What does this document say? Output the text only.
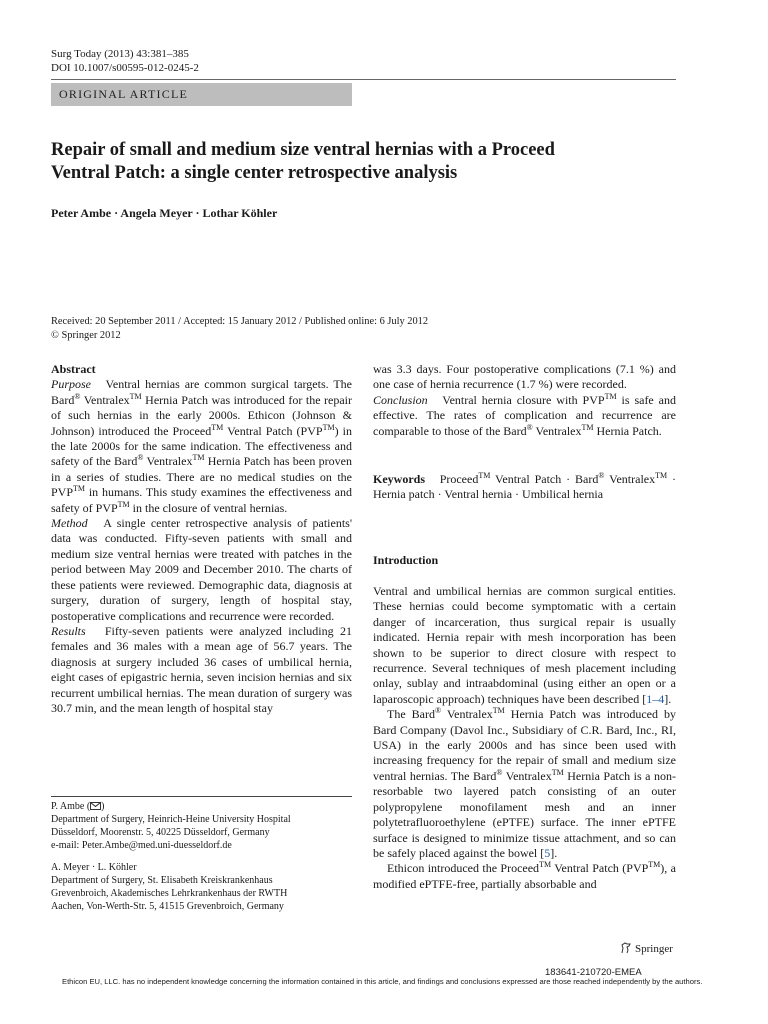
Surg Today (2013) 43:381–385
DOI 10.1007/s00595-012-0245-2
ORIGINAL ARTICLE
Repair of small and medium size ventral hernias with a Proceed
Ventral Patch: a single center retrospective analysis
Peter Ambe · Angela Meyer · Lothar Köhler
Received: 20 September 2011 / Accepted: 15 January 2012 / Published online: 6 July 2012
© Springer 2012

Abstract

Purpose Ventral hernias are common surgical targets. The Bard® Ventralex™ Hernia Patch was introduced for the repair of such hernias in the early 2000s. Ethicon (Johnson & Johnson) introduced the Proceed™ Ventral Patch (PVP™) in the late 2000s for the same indication. The effectiveness and safety of the Bard® Ventralex™ Hernia Patch has been proven in a series of studies. There are no medical studies on the PVP™ in humans. This study examines the effectiveness and safety of PVP™ in the closure of ventral hernias.

Method A single center retrospective analysis of patients' data was conducted. Fifty-seven patients with small and medium size ventral hernias were treated with patches in the period between May 2009 and December 2010. The charts of these patients were reviewed. Demographic data, diagnosis at surgery, duration of surgery, length of hospital stay, postoperative complications and recurrence were recorded.

Results Fifty-seven patients were analyzed including 21 females and 36 males with a mean age of 56.7 years. The diagnosis at surgery included 36 cases of umbilical hernia, eight cases of epigastric hernia, seven incision hernias and six recurrent umbilical hernias. The mean duration of surgery was 30.7 min, and the mean length of hospital stay

was 3.3 days. Four postoperative complications (7.1 %) and one case of hernia recurrence (1.7 %) were recorded.

Conclusion Ventral hernia closure with PVP™ is safe and effective. The rates of complication and recurrence are comparable to those of the Bard® Ventralex™ Hernia Patch.

Keywords Proceed™ Ventral Patch · Bard® Ventralex™ · Hernia patch · Ventral hernia · Umbilical hernia

Introduction

Ventral and umbilical hernias are common surgical entities. These hernias could become symptomatic with a certain danger of incarceration, thus surgical repair is usually indicated. Hernia repair with mesh incorporation has been shown to be superior to direct closure with respect to recurrence. Several techniques of mesh placement including onlay, sublay and intraabdominal (using either an open or a laparoscopic approach) techniques have been described [1–4].

The Bard® Ventralex™ Hernia Patch was introduced by Bard Company (Davol Inc., Subsidiary of C.R. Bard, Inc., RI, USA) in the early 2000s and has since been used with increasing frequency for the repair of small and medium size ventral hernias. The Bard® Ventralex™ Hernia Patch is a non-resorbable two layered patch consisting of an outer polypropylene monofilament mesh and an inner polytetrafluoroethylene (ePTFE) surface. The inner ePTFE surface is designed to minimize tissue attachment, and so can be safely placed against the bowel [5].

Ethicon introduced the Proceed™ Ventral Patch (PVP™), a modified ePTFE-free, partially absorbable and

P. Ambe ( )
Department of Surgery, Heinrich-Heine University Hospital
Düsseldorf, Moorenstr. 5, 40225 Düsseldorf, Germany
e-mail: Peter.Ambe@med.uni-duesseldorf.de

A. Meyer · L. Köhler
Department of Surgery, St. Elisabeth Kreiskrankenhaus
Grevenbroich, Akademisches Lehrkrankenhaus der RWTH
Aachen, Von-Werth-Str. 5, 41515 Grevenbroich, Germany

Springer
183641-210720-EMEA
Ethicon EU, LLC. has no independent knowledge concerning the information contained in this article, and findings and conclusions expressed are those reached independently by the authors.
